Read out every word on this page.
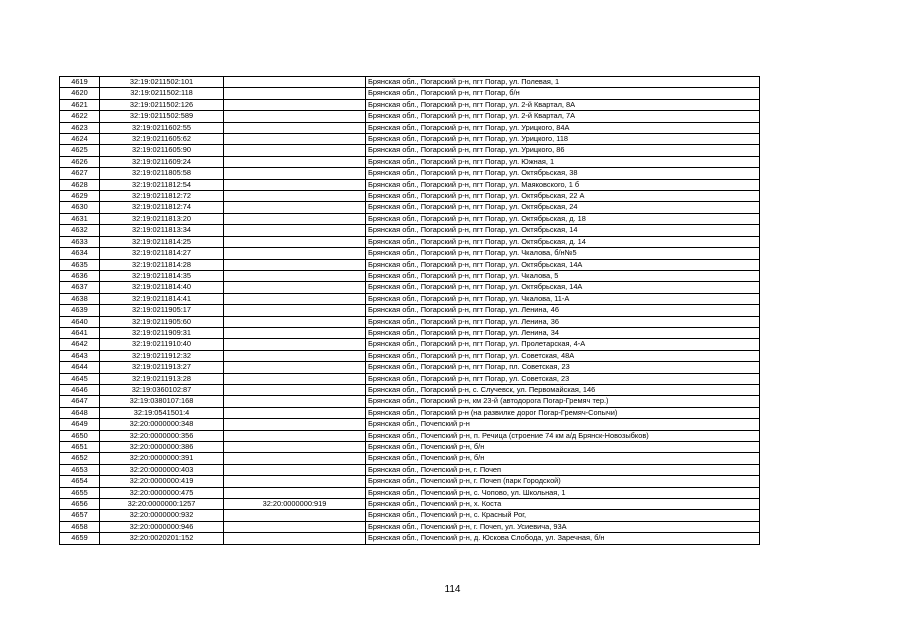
4619	32:19:0211502:101		Брянская обл., Погарский р-н, пгт Погар, ул. Полевая, 1
4620	32:19:0211502:118		Брянская обл., Погарский р-н, пгт Погар, б/н
4621	32:19:0211502:126		Брянская обл., Погарский р-н, пгт Погар, ул. 2-й Квартал, 8А
4622	32:19:0211502:589		Брянская обл., Погарский р-н, пгт Погар, ул. 2-й Квартал, 7А
4623	32:19:0211602:55		Брянская обл., Погарский р-н, пгт Погар, ул. Урицкого, 84А
4624	32:19:0211605:62		Брянская обл., Погарский р-н, пгт Погар, ул. Урицкого, 118
4625	32:19:0211605:90		Брянская обл., Погарский р-н, пгт Погар, ул. Урицкого, 86
4626	32:19:0211609:24		Брянская обл., Погарский р-н, пгт Погар, ул. Южная, 1
4627	32:19:0211805:58		Брянская обл., Погарский р-н, пгт Погар, ул. Октябрьская, 38
4628	32:19:0211812:54		Брянская обл., Погарский р-н, пгт Погар, ул. Маяковского, 1 б
4629	32:19:0211812:72		Брянская обл., Погарский р-н, пгт Погар, ул. Октябрьская, 22 А
4630	32:19:0211812:74		Брянская обл., Погарский р-н, пгт Погар, ул. Октябрьская, 24
4631	32:19:0211813:20		Брянская обл., Погарский р-н, пгт Погар, ул. Октябрьская, д. 18
4632	32:19:0211813:34		Брянская обл., Погарский р-н, пгт Погар, ул. Октябрьская, 14
4633	32:19:0211814:25		Брянская обл., Погарский р-н, пгт Погар, ул. Октябрьская, д. 14
4634	32:19:0211814:27		Брянская обл., Погарский р-н, пгт Погар, ул. Чкалова, б/н№5
4635	32:19:0211814:28		Брянская обл., Погарский р-н, пгт Погар, ул. Октябрьская, 14А
4636	32:19:0211814:35		Брянская обл., Погарский р-н, пгт Погар, ул. Чкалова, 5
4637	32:19:0211814:40		Брянская обл., Погарский р-н, пгт Погар, ул. Октябрьская, 14А
4638	32:19:0211814:41		Брянская обл., Погарский р-н, пгт Погар, ул. Чкалова, 11-А
4639	32:19:0211905:17		Брянская обл., Погарский р-н, пгт Погар, ул. Ленина, 46
4640	32:19:0211905:60		Брянская обл., Погарский р-н, пгт Погар, ул. Ленина, 36
4641	32:19:0211909:31		Брянская обл., Погарский р-н, пгт Погар, ул. Ленина, 34
4642	32:19:0211910:40		Брянская обл., Погарский р-н, пгт Погар, ул. Пролетарская, 4-А
4643	32:19:0211912:32		Брянская обл., Погарский р-н, пгт Погар, ул. Советская, 48А
4644	32:19:0211913:27		Брянская обл., Погарский р-н, пгт Погар, пл. Советская, 23
4645	32:19:0211913:28		Брянская обл., Погарский р-н, пгт Погар, ул. Советская, 23
4646	32:19:0360102:87		Брянская обл., Погарский р-н, с. Случевск, ул. Первомайская, 146
4647	32:19:0380107:168		Брянская обл., Погарский р-н, км 23-й (автодорога Погар-Гремяч тер.)
4648	32:19:0541501:4		Брянская обл., Погарский р-н (на развилке дорог Погар-Гремяч-Сопычи)
4649	32:20:0000000:348		Брянская обл., Почепский р-н
4650	32:20:0000000:356		Брянская обл., Почепский р-н, п. Речица (строение 74 км а/д Брянск-Новозыбков)
4651	32:20:0000000:386		Брянская обл., Почепский р-н, б/н
4652	32:20:0000000:391		Брянская обл., Почепский р-н, б/н
4653	32:20:0000000:403		Брянская обл., Почепский р-н, г. Почеп
4654	32:20:0000000:419		Брянская обл., Почепский р-н, г. Почеп (парк Городской)
4655	32:20:0000000:475		Брянская обл., Почепский р-н, с. Чопово, ул. Школьная, 1
4656	32:20:0000000:1257	32:20:0000000:919	Брянская обл., Почепский р-н, х. Коста
4657	32:20:0000000:932		Брянская обл., Почепский р-н, с. Красный Рог,
4658	32:20:0000000:946		Брянская обл., Почепский р-н, г. Почеп, ул. Усиевича, 93А
4659	32:20:0020201:152		Брянская обл., Почепский р-н, д. Юскова Слобода, ул. Заречная, б/н
114
